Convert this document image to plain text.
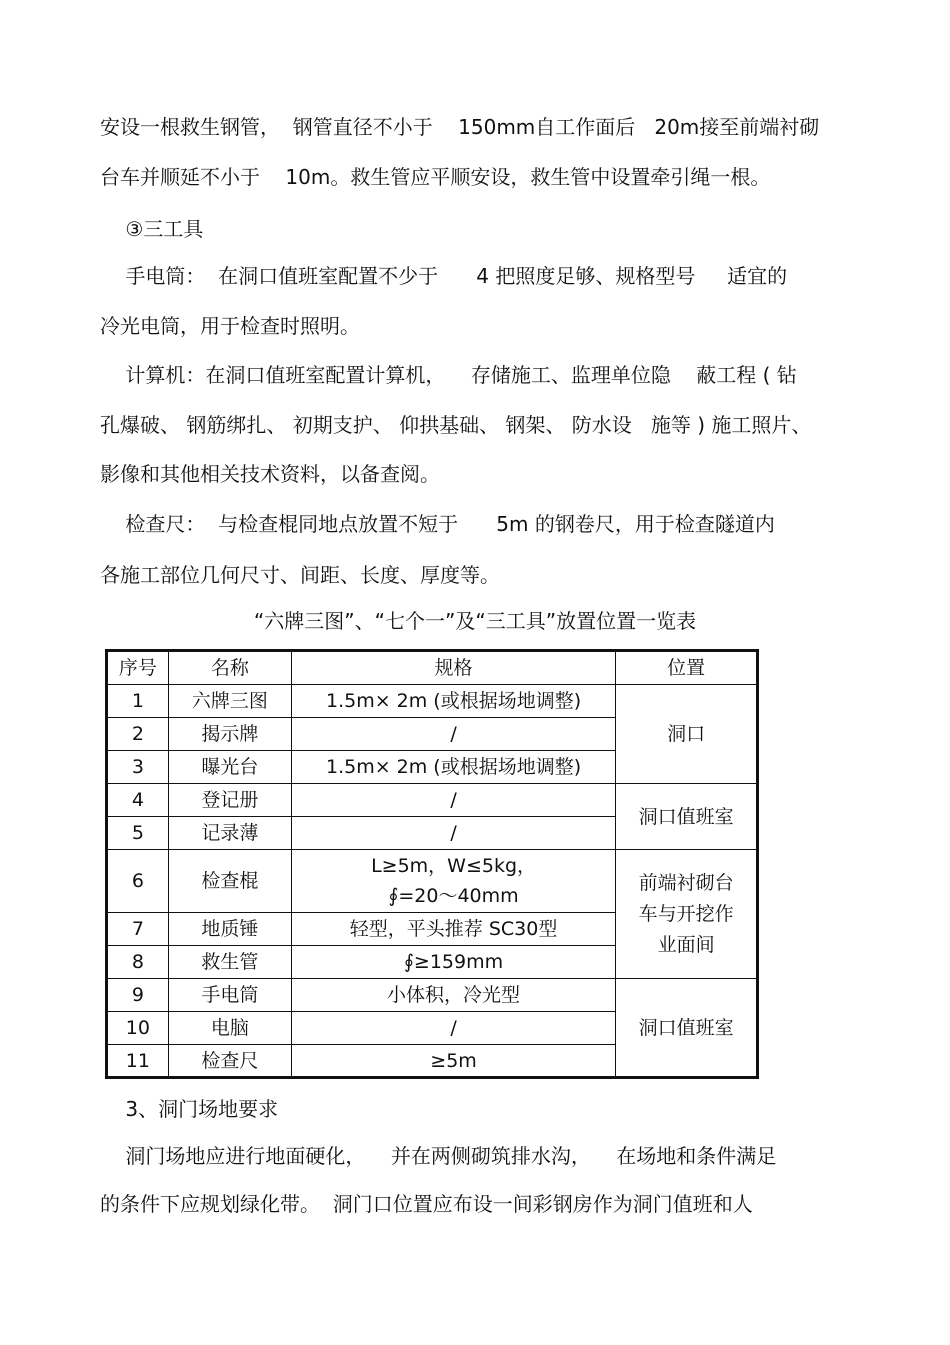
安设一根救生钢管，  钢管直径不小于    150mm自工作面后   20m接至前端衬砌
台车并顺延不小于    10m。救生管应平顺安设，救生管中设置牵引绳一根。
③三工具
手电筒：  在洞口值班室配置不少于      4 把照度足够、规格型号     适宜的
冷光电筒，用于检查时照明。
计算机：在洞口值班室配置计算机，    存储施工、监理单位隐    蔽工程 ( 钻
孔爆破、 钢筋绑扎、 初期支护、 仰拱基础、 钢架、 防水设   施等 ) 施工照片、
影像和其他相关技术资料，以备查阅。
检查尺：  与检查棍同地点放置不短于      5m 的钢卷尺，用于检查隧道内
各施工部位几何尺寸、间距、长度、厚度等。
“六牌三图”、“七个一”及“三工具”放置位置一览表
序号	名称	规格	位置
1	六牌三图	1.5m× 2m (或根据场地调整)	洞口
2	揭示牌	/	
3	曝光台	1.5m× 2m (或根据场地调整)	
4	登记册	/	洞口值班室
5	记录薄	/	
6	检查棍	L≥5m，W≤5kg，
∮=20～40mm	前端衬砌台车与开挖作业面间
7	地质锤	轻型，平头推荐 SC30型	
8	救生管	∮≥159mm	
9	手电筒	小体积，冷光型	洞口值班室
10	电脑	/	
11	检查尺	≥5m	
3、洞门场地要求
洞门场地应进行地面硬化，    并在两侧砌筑排水沟，    在场地和条件满足
的条件下应规划绿化带。  洞门口位置应布设一间彩钢房作为洞门值班和人
